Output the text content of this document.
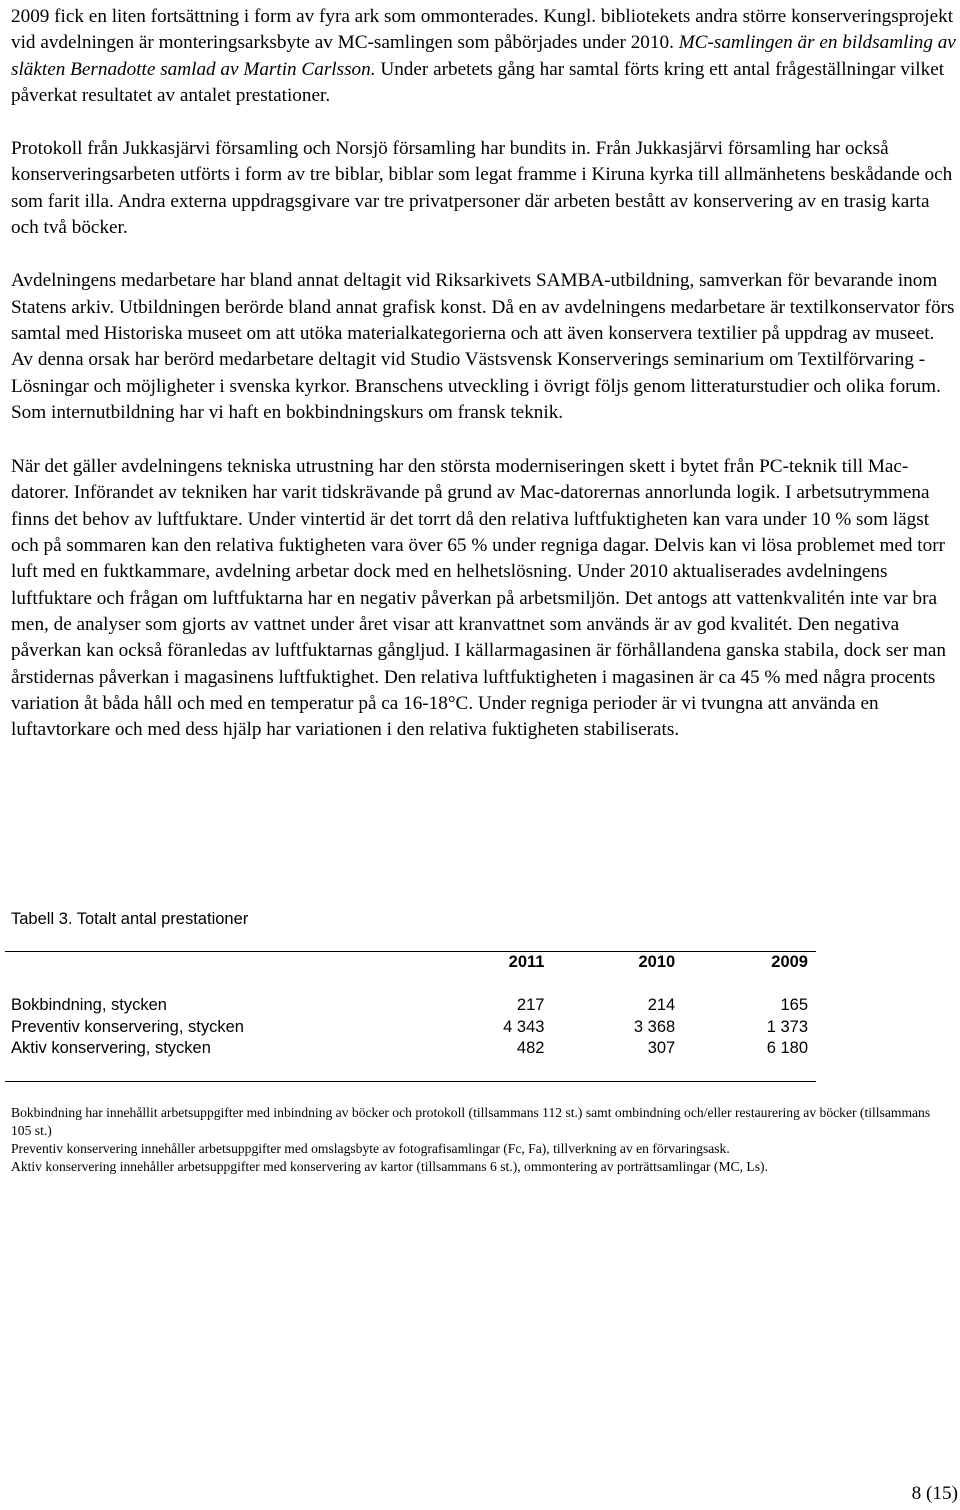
2009 fick en liten fortsättning i form av fyra ark som ommonterades. Kungl. bibliotekets andra större konserveringsprojekt vid avdelningen är monteringsarksbyte av MC-samlingen som påbörjades under 2010. MC-samlingen är en bildsamling av släkten Bernadotte samlad av Martin Carlsson. Under arbetets gång har samtal förts kring ett antal frågeställningar vilket påverkat resultatet av antalet prestationer.

Protokoll från Jukkasjärvi församling och Norsjö församling har bundits in. Från Jukkasjärvi församling har också konserveringsarbeten utförts i form av tre biblar, biblar som legat framme i Kiruna kyrka till allmänhetens beskådande och som farit illa. Andra externa uppdragsgivare var tre privatpersoner där arbeten bestått av konservering av en trasig karta och två böcker.

Avdelningens medarbetare har bland annat deltagit vid Riksarkivets SAMBA-utbildning, samverkan för bevarande inom Statens arkiv. Utbildningen berörde bland annat grafisk konst. Då en av avdelningens medarbetare är textilkonservator förs samtal med Historiska museet om att utöka materialkategorierna och att även konservera textilier på uppdrag av museet. Av denna orsak har berörd medarbetare deltagit vid Studio Västsvensk Konserverings seminarium om Textilförvaring - Lösningar och möjligheter i svenska kyrkor. Branschens utveckling i övrigt följs genom litteraturstudier och olika forum. Som internutbildning har vi haft en bokbindningskurs om fransk teknik.

När det gäller avdelningens tekniska utrustning har den största moderniseringen skett i bytet från PC-teknik till Mac-datorer. Införandet av tekniken har varit tidskrävande på grund av Mac-datorernas annorlunda logik. I arbetsutrymmena finns det behov av luftfuktare. Under vintertid är det torrt då den relativa luftfuktigheten kan vara under 10 % som lägst och på sommaren kan den relativa fuktigheten vara över 65 % under regniga dagar. Delvis kan vi lösa problemet med torr luft med en fuktkammare, avdelning arbetar dock med en helhetslösning. Under 2010 aktualiserades avdelningens luftfuktare och frågan om luftfuktarna har en negativ påverkan på arbetsmiljön. Det antogs att vattenkvalitén inte var bra men, de analyser som gjorts av vattnet under året visar att kranvattnet som används är av god kvalitét. Den negativa påverkan kan också föranledas av luftfuktarnas gångljud. I källarmagasinen är förhållandena ganska stabila, dock ser man årstidernas påverkan i magasinens luftfuktighet. Den relativa luftfuktigheten i magasinen är ca 45 % med några procents variation åt båda håll och med en temperatur på ca 16-18°C. Under regniga perioder är vi tvungna att använda en luftavtorkare och med dess hjälp har variationen i den relativa fuktigheten stabiliserats.

Tabell 3. Totalt antal prestationer

	2011	2010	2009

Bokbindning, stycken	217	214	165
Preventiv konservering, stycken	4 343	3 368	1 373
Aktiv konservering, stycken	482	307	6 180

Bokbindning har innehållit arbetsuppgifter med inbindning av böcker och protokoll (tillsammans 112 st.) samt ombindning och/eller restaurering av böcker (tillsammans 105 st.)

Preventiv konservering innehåller arbetsuppgifter med omslagsbyte av fotografisamlingar (Fc, Fa), tillverkning av en förvaringsask.

Aktiv konservering innehåller arbetsuppgifter med konservering av kartor (tillsammans 6 st.), ommontering av porträttsamlingar (MC, Ls).

8 (15)
